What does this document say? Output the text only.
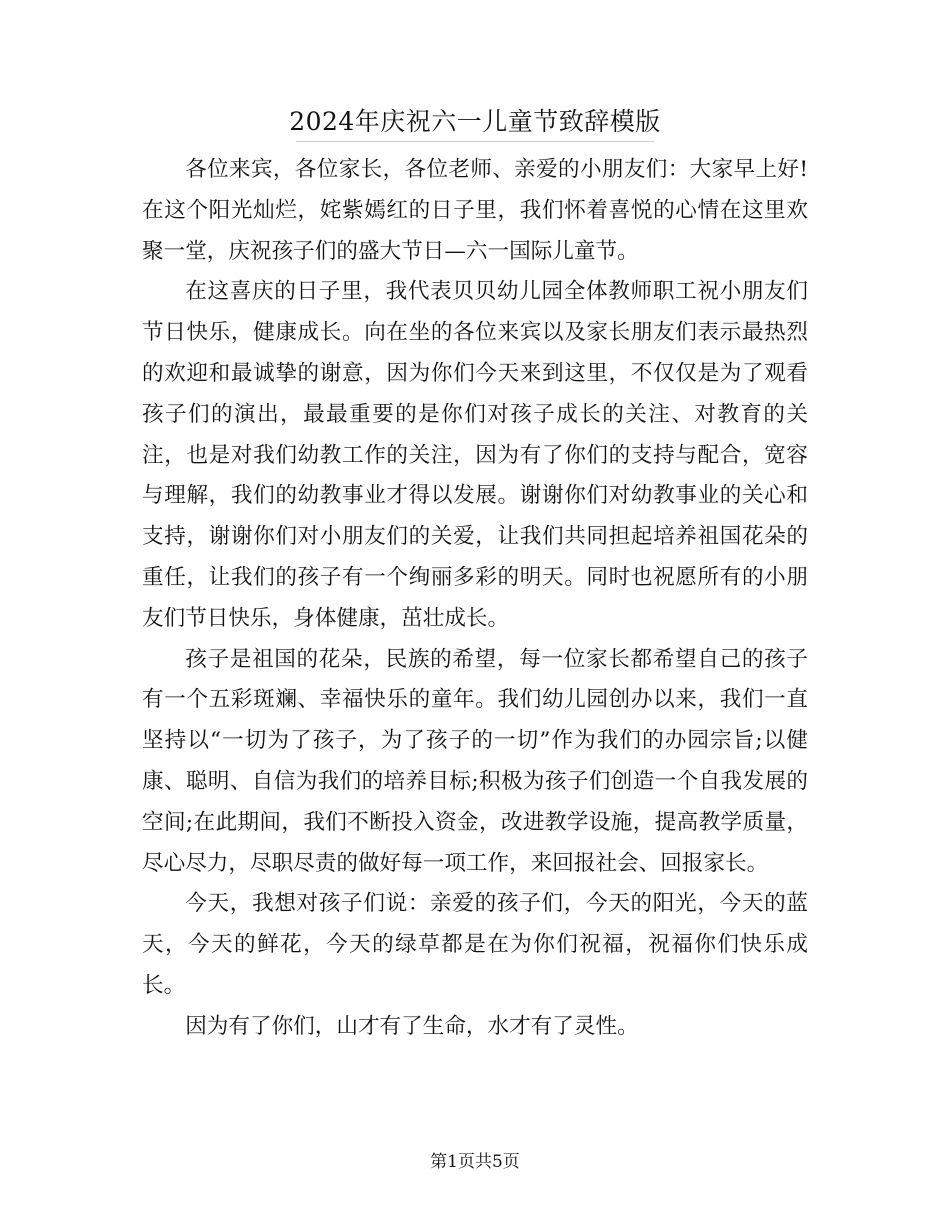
2024年庆祝六一儿童节致辞模版

各位来宾，各位家长，各位老师、亲爱的小朋友们：大家早上好!在这个阳光灿烂，姹紫嫣红的日子里，我们怀着喜悦的心情在这里欢聚一堂，庆祝孩子们的盛大节日—六一国际儿童节。

在这喜庆的日子里，我代表贝贝幼儿园全体教师职工祝小朋友们节日快乐，健康成长。向在坐的各位来宾以及家长朋友们表示最热烈的欢迎和最诚挚的谢意，因为你们今天来到这里，不仅仅是为了观看孩子们的演出，最最重要的是你们对孩子成长的关注、对教育的关注，也是对我们幼教工作的关注，因为有了你们的支持与配合，宽容与理解，我们的幼教事业才得以发展。谢谢你们对幼教事业的关心和支持，谢谢你们对小朋友们的关爱，让我们共同担起培养祖国花朵的重任，让我们的孩子有一个绚丽多彩的明天。同时也祝愿所有的小朋友们节日快乐，身体健康，茁壮成长。

孩子是祖国的花朵，民族的希望，每一位家长都希望自己的孩子有一个五彩斑斓、幸福快乐的童年。我们幼儿园创办以来，我们一直坚持以“一切为了孩子，为了孩子的一切”作为我们的办园宗旨;以健康、聪明、自信为我们的培养目标;积极为孩子们创造一个自我发展的空间;在此期间，我们不断投入资金，改进教学设施，提高教学质量，尽心尽力，尽职尽责的做好每一项工作，来回报社会、回报家长。

今天，我想对孩子们说：亲爱的孩子们，今天的阳光，今天的蓝天，今天的鲜花，今天的绿草都是在为你们祝福，祝福你们快乐成长。

因为有了你们，山才有了生命，水才有了灵性。

第1页共5页
